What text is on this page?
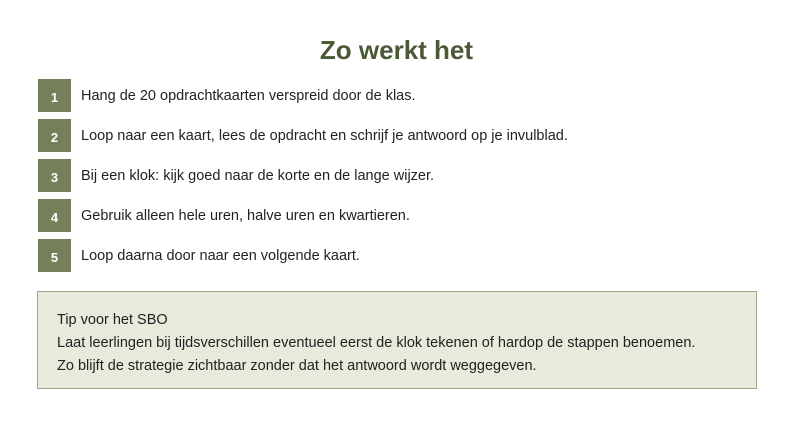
Zo werkt het
1	Hang de 20 opdrachtkaarten verspreid door de klas.
2	Loop naar een kaart, lees de opdracht en schrijf je antwoord op je invulblad.
3	Bij een klok: kijk goed naar de korte en de lange wijzer.
4	Gebruik alleen hele uren, halve uren en kwartieren.
5	Loop daarna door naar een volgende kaart.
Tip voor het SBO
Laat leerlingen bij tijdsverschillen eventueel eerst de klok tekenen of hardop de stappen benoemen.
Zo blijft de strategie zichtbaar zonder dat het antwoord wordt weggegeven.
